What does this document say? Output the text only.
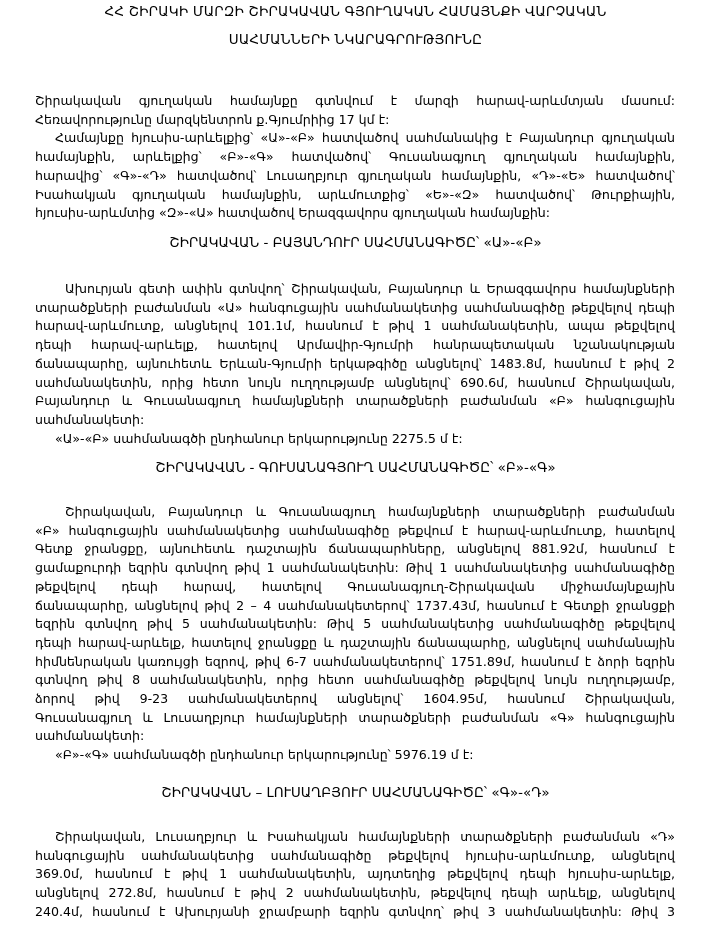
ՀՀ ՇԻՐԱԿԻ ՄԱՐԶԻ ՇԻՐԱԿԱՎԱՆ ԳՅՈՒՂԱԿԱՆ ՀԱՄԱՅՆՔԻ ՎԱՐՉԱԿԱՆ
ՍԱՀՄԱՆՆԵՐԻ ՆԿԱՐԱԳՐՈՒԹՅՈՒՆԸ
Շիրակավան գյուղական համայնքը գտնվում է մարզի հարավ-արևմտյան մասում:
Հեռավորությունը մարզկենտրոն ք.Գյումրիից 17 կմ է:
Համայնքը հյուսիս-արևելքից՝ «Ա»-«Բ» հատվածով սահմանակից է Բայանդուր գյուղական
համայնքին, արևելքից՝ «Բ»-«Գ» հատվածով՝ Գուսանագյուղ գյուղական համայնքին,
հարավից՝ «Գ»-«Դ» հատվածով՝ Լուսաղբյուր գյուղական համայնքին, «Դ»-«Ե» հատվածով՝
Իսահակյան գյուղական համայնքին, արևմուտքից՝ «Ե»-«Զ» հատվածով՝ Թուրքիային,
հյուսիս-արևմտից «Զ»-«Ա» հատվածով Երազգավորս գյուղական համայնքին:
ՇԻՐԱԿԱՎԱՆ - ԲԱՅԱՆԴՈՒՐ ՍԱՀՄԱՆԱԳԻԾԸ՝ «Ա»-«Բ»
Ախուրյան գետի ափին գտնվող՝ Շիրակավան, Բայանդուր և Երազգավորս համայնքների
տարածքների բաժանման «Ա» հանգուցային սահմանակետից սահմանագիծը թեքվելով դեպի
հարավ-արևմուտք, անցնելով 101.1մ, հասնում է թիվ 1 սահմանակետին, ապա թեքվելով
դեպի հարավ-արևելք, հատելով Արմավիր-Գյումրի հանրապետական նշանակության
ճանապարհը, այնուհետև Երևան-Գյումրի երկաթգիծը անցնելով՝ 1483.8մ, հասնում է թիվ 2
սահմանակետին, որից հետո նույն ուղղությամբ անցնելով՝ 690.6մ, հասնում Շիրակավան,
Բայանդուր և Գուսանագյուղ համայնքների տարածքների բաժանման «Բ» հանգուցային
սահմանակետի:
«Ա»-«Բ» սահմանագծի ընդհանուր երկարությունը 2275.5 մ է:
ՇԻՐԱԿԱՎԱՆ - ԳՈՒՍԱՆԱԳՅՈՒՂ ՍԱՀՄԱՆԱԳԻԾԸ՝ «Բ»-«Գ»
Շիրակավան, Բայանդուր և Գուսանագյուղ համայնքների տարածքների բաժանման
«Բ» հանգուցային սահմանակետից սահմանագիծը թեքվում է հարավ-արևմուտք, հատելով
Գետք ջրանցքը, այնուհետև դաշտային ճանապարհները, անցնելով 881.92մ, հասնում է
ցամաքուրդի եզրին գտնվող թիվ 1 սահմանակետին: Թիվ 1 սահմանակետից սահմանագիծը
թեքվելով դեպի հարավ, հատելով Գուսանագյուղ-Շիրակավան միջհամայնքային
ճանապարհը, անցնելով թիվ 2 – 4 սահմանակետերով՝ 1737.43մ, հասնում է Գետքի ջրանցքի
եզրին գտնվող թիվ 5 սահմանակետին: Թիվ 5 սահմանակետից սահմանագիծը թեքվելով
դեպի հարավ-արևելք, հատելով ջրանցքը և դաշտային ճանապարհը, անցնելով սահմանային
հիմնենրական կառույցի եզրով, թիվ 6-7 սահմանակետերով՝ 1751.89մ, հասնում է ձորի եզրին
գտնվող թիվ 8 սահմանակետին, որից հետո սահմանագիծը թեքվելով նույն ուղղությամբ,
ձորով թիվ 9-23 սահմանակետերով անցնելով՝ 1604.95մ, հասնում Շիրակավան,
Գուսանագյուղ և Լուսաղբյուր համայնքների տարածքների բաժանման «Գ» հանգուցային
սահմանակետի:
«Բ»-«Գ» սահմանագծի ընդհանուր երկարությունը՝ 5976.19 մ է:
ՇԻՐԱԿԱՎԱՆ – ԼՈՒՍԱՂԲՅՈՒՐ ՍԱՀՄԱՆԱԳԻԾԸ՝ «Գ»-«Դ»
Շիրակավան, Լուսաղբյուր և Իսահակյան համայնքների տարածքների բաժանման «Դ»
հանգուցային սահմանակետից սահմանագիծը թեքվելով հյուսիս-արևմուտք, անցնելով
369.0մ, հասնում է թիվ 1 սահմանակետին, այդտեղից թեքվելով դեպի հյուսիս-արևելք,
անցնելով 272.8մ, հասնում է թիվ 2 սահմանակետին, թեքվելով դեպի արևելք, անցնելով
240.4մ, հասնում է Ախուրյանի ջրամբարի եզրին գտնվող՝ թիվ 3 սահմանակետին: Թիվ 3
